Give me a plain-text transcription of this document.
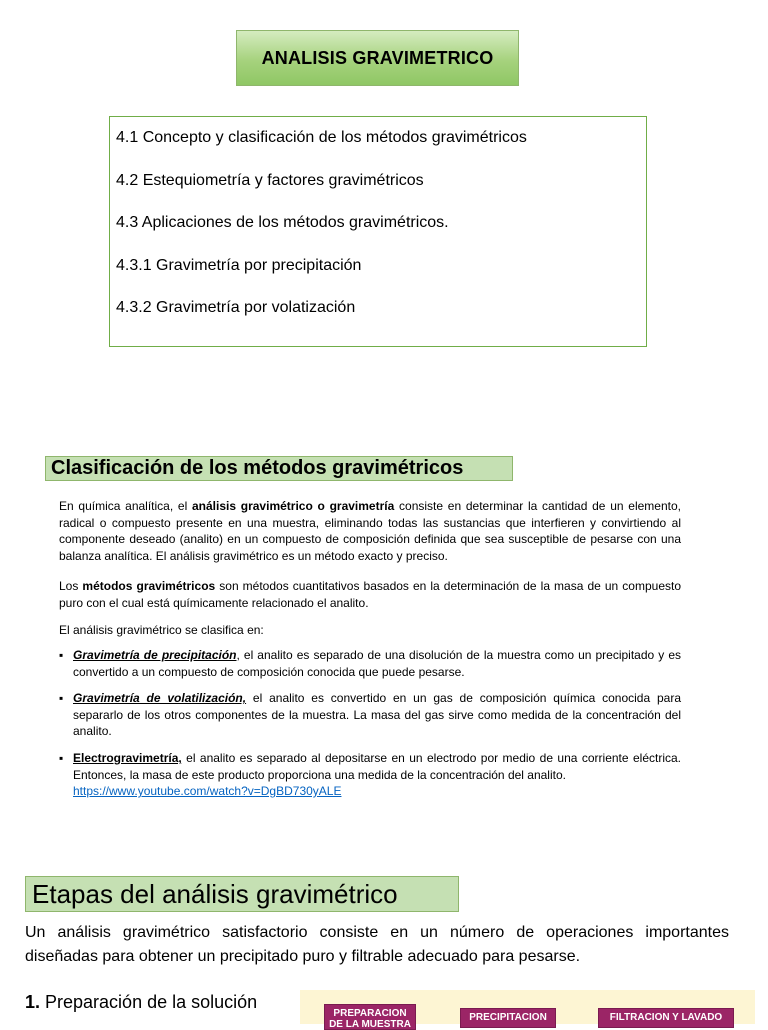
ANALISIS GRAVIMETRICO
4.1 Concepto y clasificación de los métodos gravimétricos
4.2 Estequiometría y factores gravimétricos
4.3 Aplicaciones de los métodos gravimétricos.
4.3.1 Gravimetría por precipitación
4.3.2 Gravimetría por volatización
Clasificación de los métodos gravimétricos

En química analítica, el análisis gravimétrico o gravimetría consiste en determinar la cantidad de un elemento, radical o compuesto presente en una muestra, eliminando todas las sustancias que interfieren y convirtiendo al componente deseado (analito) en un compuesto de composición definida que sea susceptible de pesarse con una balanza analítica. El análisis gravimétrico es un método exacto y preciso.

Los métodos gravimétricos son métodos cuantitativos basados en la determinación de la masa de un compuesto puro con el cual está químicamente relacionado el analito.

El análisis gravimétrico se clasifica en:

▪ Gravimetría de precipitación, el analito es separado de una disolución de la muestra como un precipitado y es convertido a un compuesto de composición conocida que puede pesarse.
▪ Gravimetría de volatilización, el analito es convertido en un gas de composición química conocida para separarlo de los otros componentes de la muestra. La masa del gas sirve como medida de la concentración del analito.
▪ Electrogravimetría, el analito es separado al depositarse en un electrodo por medio de una corriente eléctrica. Entonces, la masa de este producto proporciona una medida de la concentración del analito.
https://www.youtube.com/watch?v=DgBD730yALE
Etapas del análisis gravimétrico

Un análisis gravimétrico satisfactorio consiste en un número de operaciones importantes diseñadas para obtener un precipitado puro y filtrable adecuado para pesarse.

1. Preparación de la solución
PREPARACION
DE LA MUESTRA
PRECIPITACION	FILTRACION Y LAVADO
